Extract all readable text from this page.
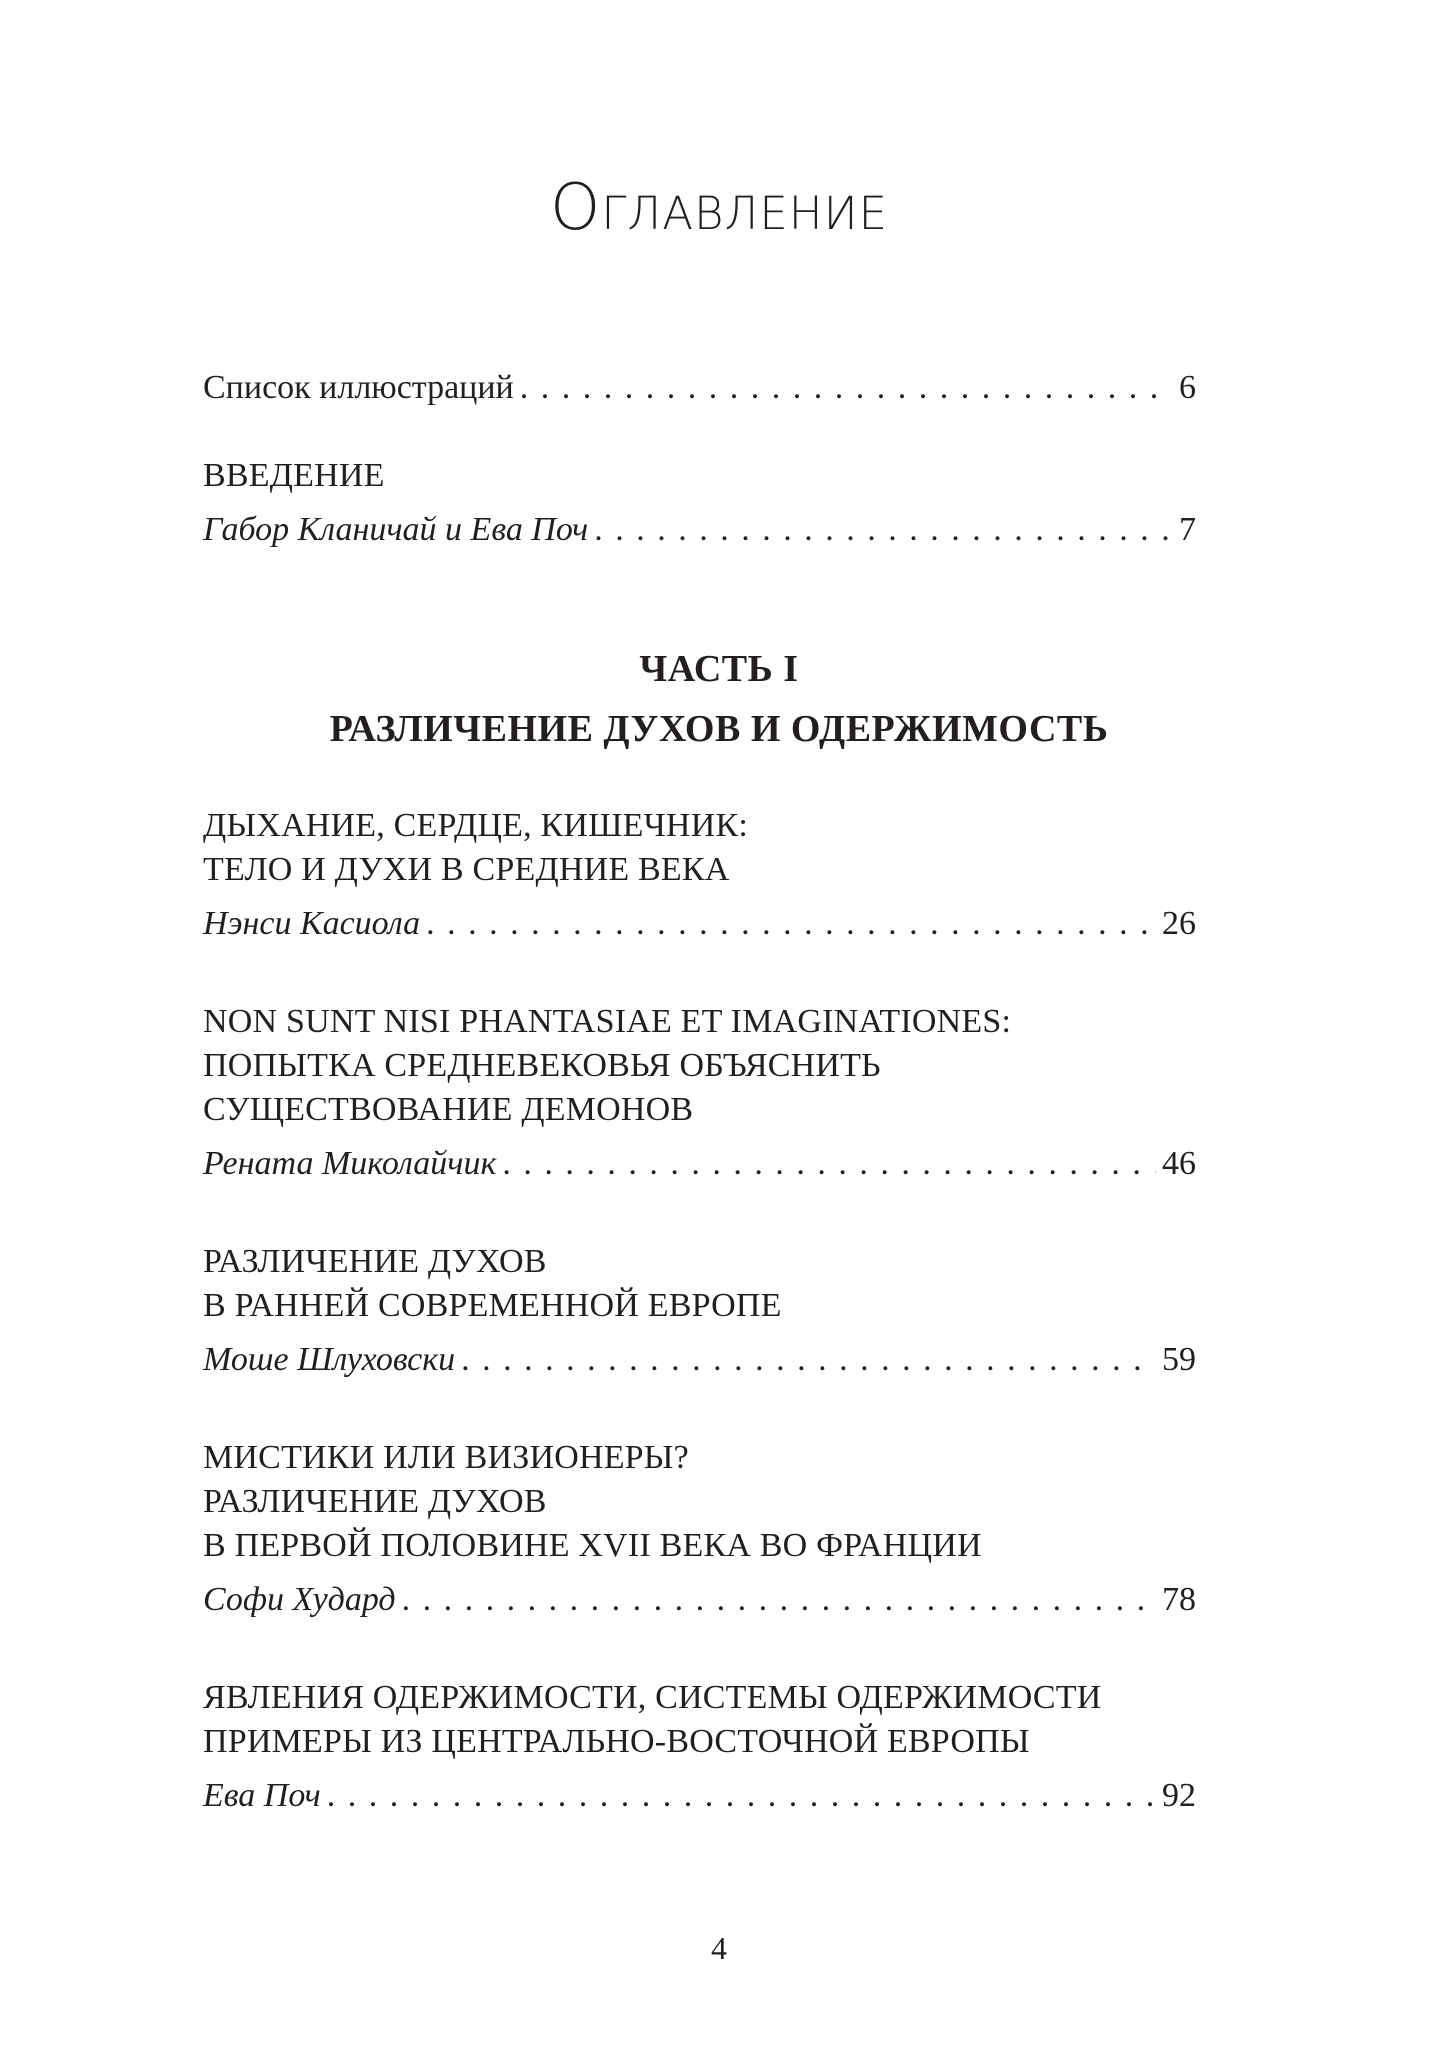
Оглавление
Список иллюстраций . . .	6
ВВЕДЕНИЕ
Габор Кланичай и Ева Поч . . .	7
ДЫХАНИЕ, СЕРДЦЕ, КИШЕЧНИК:
ТЕЛО И ДУХИ В СРЕДНИЕ ВЕКА
Нэнси Касиола . . .	26
NON SUNT NISI PHANTASIAE ET IMAGINATIONES:
ПОПЫТКА СРЕДНЕВЕКОВЬЯ ОБЪЯСНИТЬ
СУЩЕСТВОВАНИЕ ДЕМОНОВ
Рената Миколайчик . . .	46
РАЗЛИЧЕНИЕ ДУХОВ
В РАННЕЙ СОВРЕМЕННОЙ ЕВРОПЕ
Моше Шлуховски . . .	59
МИСТИКИ ИЛИ ВИЗИОНЕРЫ?
РАЗЛИЧЕНИЕ ДУХОВ
В ПЕРВОЙ ПОЛОВИНЕ XVII ВЕКА ВО ФРАНЦИИ
Софи Худард . . .	78
ЯВЛЕНИЯ ОДЕРЖИМОСТИ, СИСТЕМЫ ОДЕРЖИМОСТИ
ПРИМЕРЫ ИЗ ЦЕНТРАЛЬНО-ВОСТОЧНОЙ ЕВРОПЫ
Ева Поч . . .	92
ЧАСТЬ I
РАЗЛИЧЕНИЕ ДУХОВ И ОДЕРЖИМОСТЬ
4
